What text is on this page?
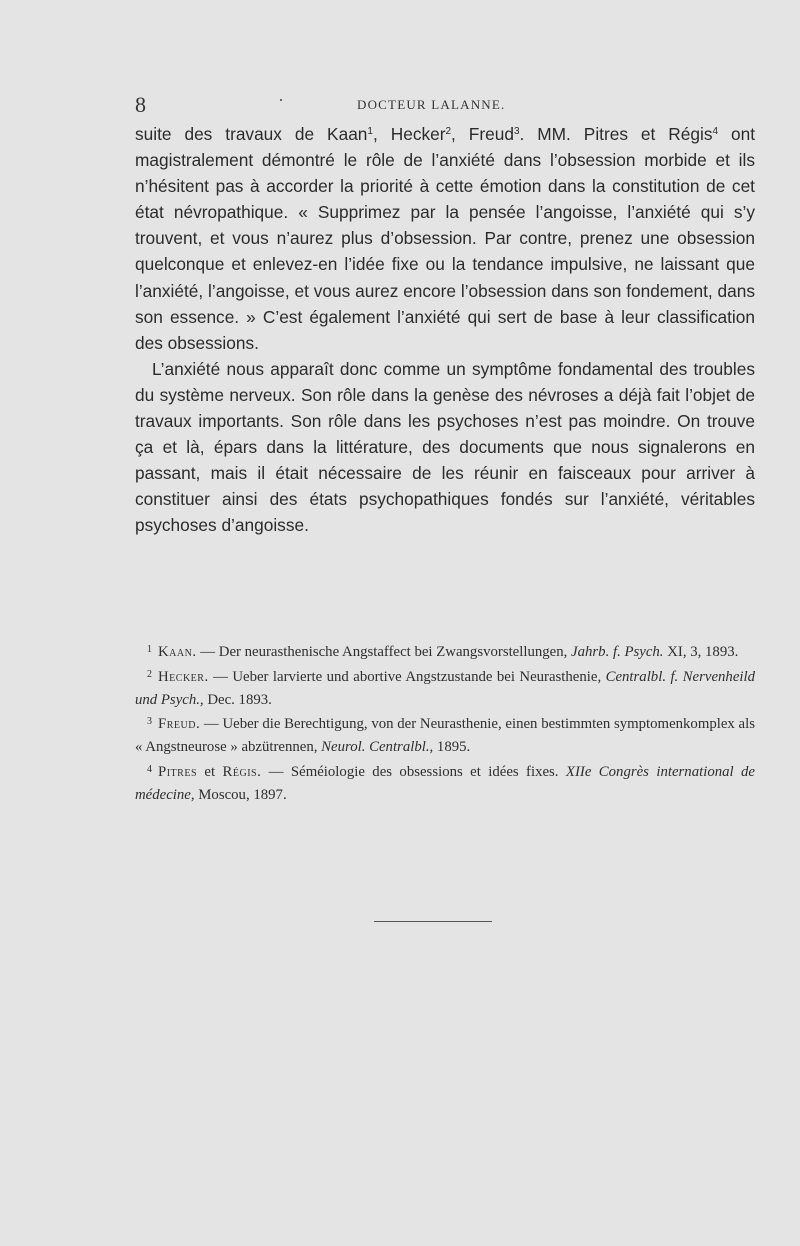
8	·	DOCTEUR LALANNE.

suite des travaux de Kaan$^1$, Hecker$^2$, Freud$^3$. MM. Pitres et Régis$^4$ ont magistralement démontré le rôle de l’anxiété dans l’obsession morbide et ils n’hésitent pas à accorder la priorité à cette émotion dans la constitution de cet état névropathique. « Supprimez par la pensée l’angoisse, l’anxiété qui s’y trouvent, et vous n’aurez plus d’obsession. Par contre, prenez une obsession quelconque et enlevez-en l’idée fixe ou la tendance impulsive, ne laissant que l’anxiété, l’angoisse, et vous aurez encore l’obsession dans son fondement, dans son essence. » C’est également l’anxiété qui sert de base à leur classification des obsessions.

L’anxiété nous apparaît donc comme un symptôme fondamental des troubles du système nerveux. Son rôle dans la genèse des névroses a déjà fait l’objet de travaux importants. Son rôle dans les psychoses n’est pas moindre. On trouve ça et là, épars dans la littérature, des documents que nous signalerons en passant, mais il était nécessaire de les réunir en faisceaux pour arriver à constituer ainsi des états psychopathiques fondés sur l’anxiété, véritables psychoses d’angoisse.

$^1$ Kaan. — Der neurasthenische Angstaffect bei Zwangsvorstellungen, Jahrb. f. Psych. XI, 3, 1893.

$^2$ Hecker. — Ueber larvierte und abortive Angstzustande bei Neurasthenie, Centralbl. f. Nervenheild und Psych., Dec. 1893.

$^3$ Freud. — Ueber die Berechtigung, von der Neurasthenie, einen bestimmten symptomenkomplex als « Angstneurose » abzütrennen, Neurol. Centralbl., 1895.

$^4$ Pitres et Régis. — Séméiologie des obsessions et idées fixes. XIIe Congrès international de médecine, Moscou, 1897.
